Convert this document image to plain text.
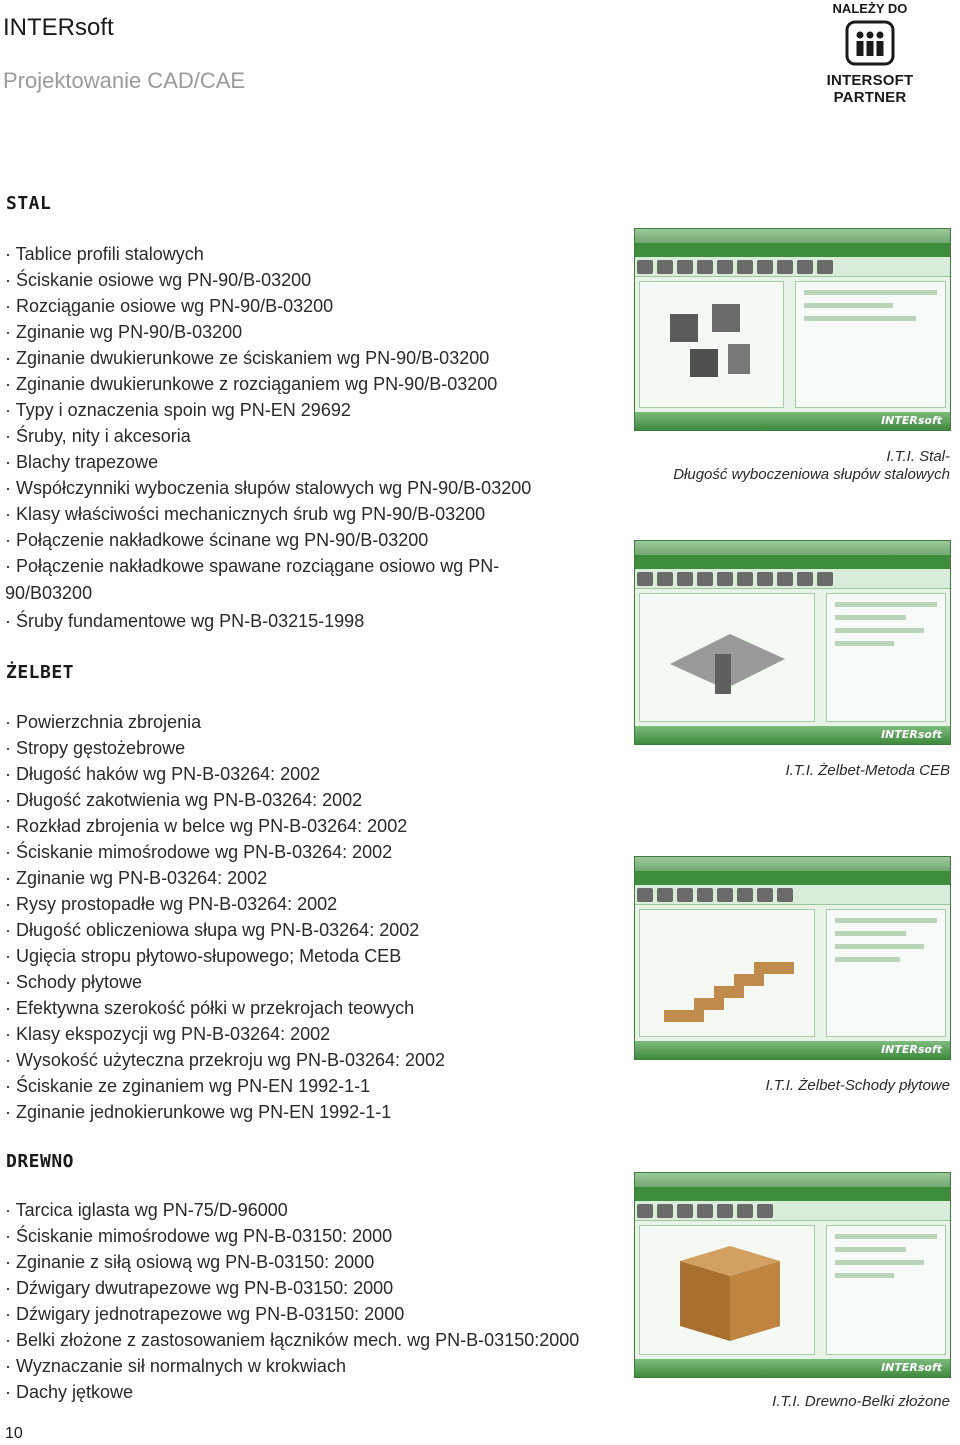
INTERsoft
Projektowanie CAD/CAE
NALEŻY DO
INTERSOFT PARTNER
STAL
· Tablice profili stalowych
· Ściskanie osiowe wg PN-90/B-03200
· Rozciąganie osiowe wg PN-90/B-03200
· Zginanie wg PN-90/B-03200
· Zginanie dwukierunkowe ze ściskaniem wg PN-90/B-03200
· Zginanie dwukierunkowe z rozciąganiem wg PN-90/B-03200
· Typy i oznaczenia spoin wg PN-EN 29692
· Śruby, nity i akcesoria
· Blachy trapezowe
· Współczynniki wyboczenia słupów stalowych wg PN-90/B-03200
· Klasy właściwości mechanicznych śrub wg PN-90/B-03200
· Połączenie nakładkowe ścinane wg PN-90/B-03200
· Połączenie nakładkowe spawane rozciągane osiowo wg PN-90/B03200
· Śruby fundamentowe wg PN-B-03215-1998
ŻELBET
· Powierzchnia zbrojenia
· Stropy gęstożebrowe
· Długość haków wg PN-B-03264: 2002
· Długość zakotwienia wg PN-B-03264: 2002
· Rozkład zbrojenia w belce wg PN-B-03264: 2002
· Ściskanie mimośrodowe wg PN-B-03264: 2002
· Zginanie wg PN-B-03264: 2002
· Rysy prostopadłe wg PN-B-03264: 2002
· Długość obliczeniowa słupa wg PN-B-03264: 2002
· Ugięcia stropu płytowo-słupowego; Metoda CEB
· Schody płytowe
· Efektywna szerokość półki w przekrojach teowych
· Klasy ekspozycji wg PN-B-03264: 2002
· Wysokość użyteczna przekroju wg PN-B-03264: 2002
· Ściskanie ze zginaniem wg PN-EN 1992-1-1
· Zginanie jednokierunkowe wg PN-EN 1992-1-1
DREWNO
· Tarcica iglasta wg PN-75/D-96000
· Ściskanie mimośrodowe wg PN-B-03150: 2000
· Zginanie z siłą osiową wg PN-B-03150: 2000
· Dźwigary dwutrapezowe wg PN-B-03150: 2000
· Dźwigary jednotrapezowe wg PN-B-03150: 2000
· Belki złożone z zastosowaniem łączników mech. wg PN-B-03150:2000
· Wyznaczanie sił normalnych w krokwiach
· Dachy jętkowe
INTERsoft
I.T.I. Stal-
Długość wyboczeniowa słupów stalowych
INTERsoft
I.T.I. Żelbet-Metoda CEB
INTERsoft
I.T.I. Żelbet-Schody płytowe
INTERsoft
I.T.I. Drewno-Belki złożone
10
